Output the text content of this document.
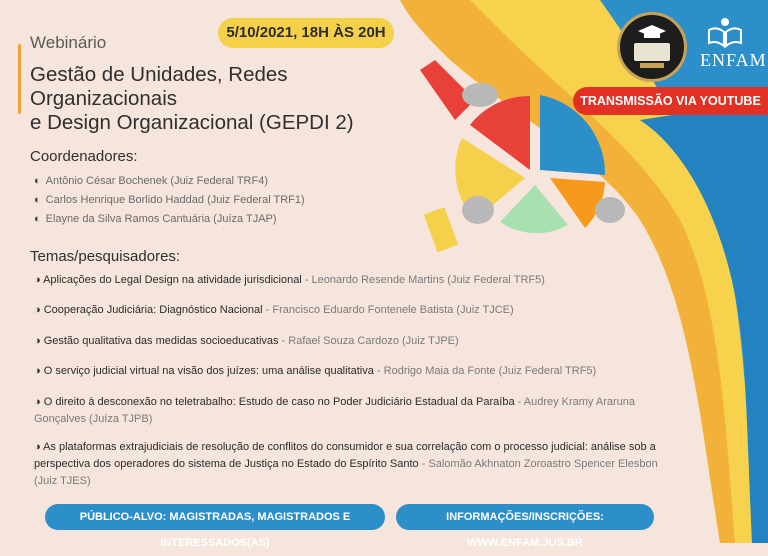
5/10/2021, 18H ÀS 20H
Webinário
Gestão de Unidades, Redes Organizacionais
e Design Organizacional (GEPDI 2)
ENFAM
TRANSMISSÃO VIA YOUTUBE
Coordenadores:
◐ Antônio César Bochenek (Juiz Federal TRF4)
◐ Carlos Henrique Borlido Haddad (Juiz Federal TRF1)
◐ Elayne da Silva Ramos Cantuária (Juíza TJAP)
Temas/pesquisadores:
◑ Aplicações do Legal Design na atividade jurisdicional - Leonardo Resende Martins (Juiz Federal TRF5)
◑ Cooperação Judiciária: Diagnóstico Nacional - Francisco Eduardo Fontenele Batista (Juiz TJCE)
◑ Gestão qualitativa das medidas socioeducativas - Rafael Souza Cardozo (Juiz TJPE)
◑ O serviço judicial virtual na visão dos juízes: uma análise qualitativa - Rodrigo Maia da Fonte (Juiz Federal TRF5)
◑ O direito à desconexão no teletrabalho: Estudo de caso no Poder Judiciário Estadual da Paraíba - Audrey Kramy Araruna Gonçalves (Juíza TJPB)
◑ As plataformas extrajudiciais de resolução de conflitos do consumidor e sua correlação com o processo judicial: análise sob a perspectiva dos operadores do sistema de Justiça no Estado do Espírito Santo - Salomão Akhnaton Zoroastro Spencer Elesbon (Juiz TJES)
PÚBLICO-ALVO: MAGISTRADAS, MAGISTRADOS E INTERESSADOS(AS)
INFORMAÇÕES/INSCRIÇÕES: WWW.ENFAM.JUS.BR
